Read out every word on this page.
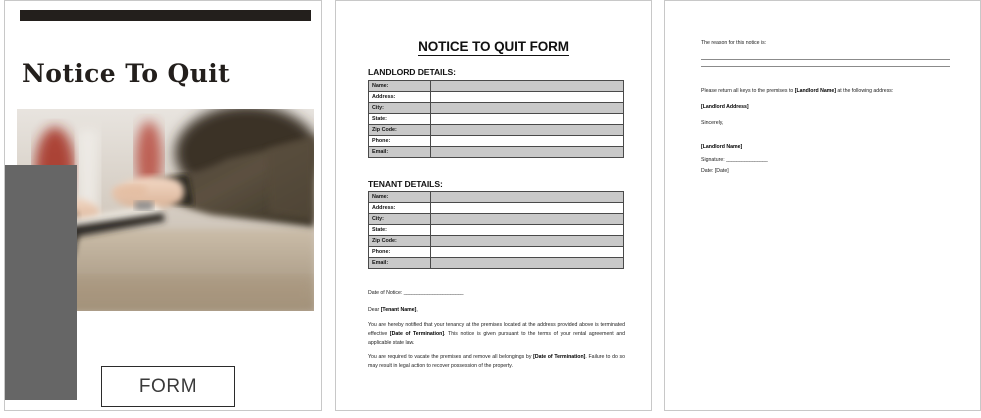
Notice To Quit
FORM
NOTICE TO QUIT FORM
LANDLORD DETAILS:
Name:	
Address:	
City:	
State:	
Zip Code:	
Phone:	
Email:	
TENANT DETAILS:
Name:	
Address:	
City:	
State:	
Zip Code:	
Phone:	
Email:	
Date of Notice: _______________________
Dear [Tenant Name],
You are hereby notified that your tenancy at the premises located at the address provided above is terminated effective [Date of Termination]. This notice is given pursuant to the terms of your rental agreement and applicable state law.
You are required to vacate the premises and remove all belongings by [Date of Termination]. Failure to do so may result in legal action to recover possession of the property.
The reason for this notice is:
Please return all keys to the premises to [Landlord Name] at the following address:
[Landlord Address]
Sincerely,
[Landlord Name]
Signature: ________________
Date: [Date]
